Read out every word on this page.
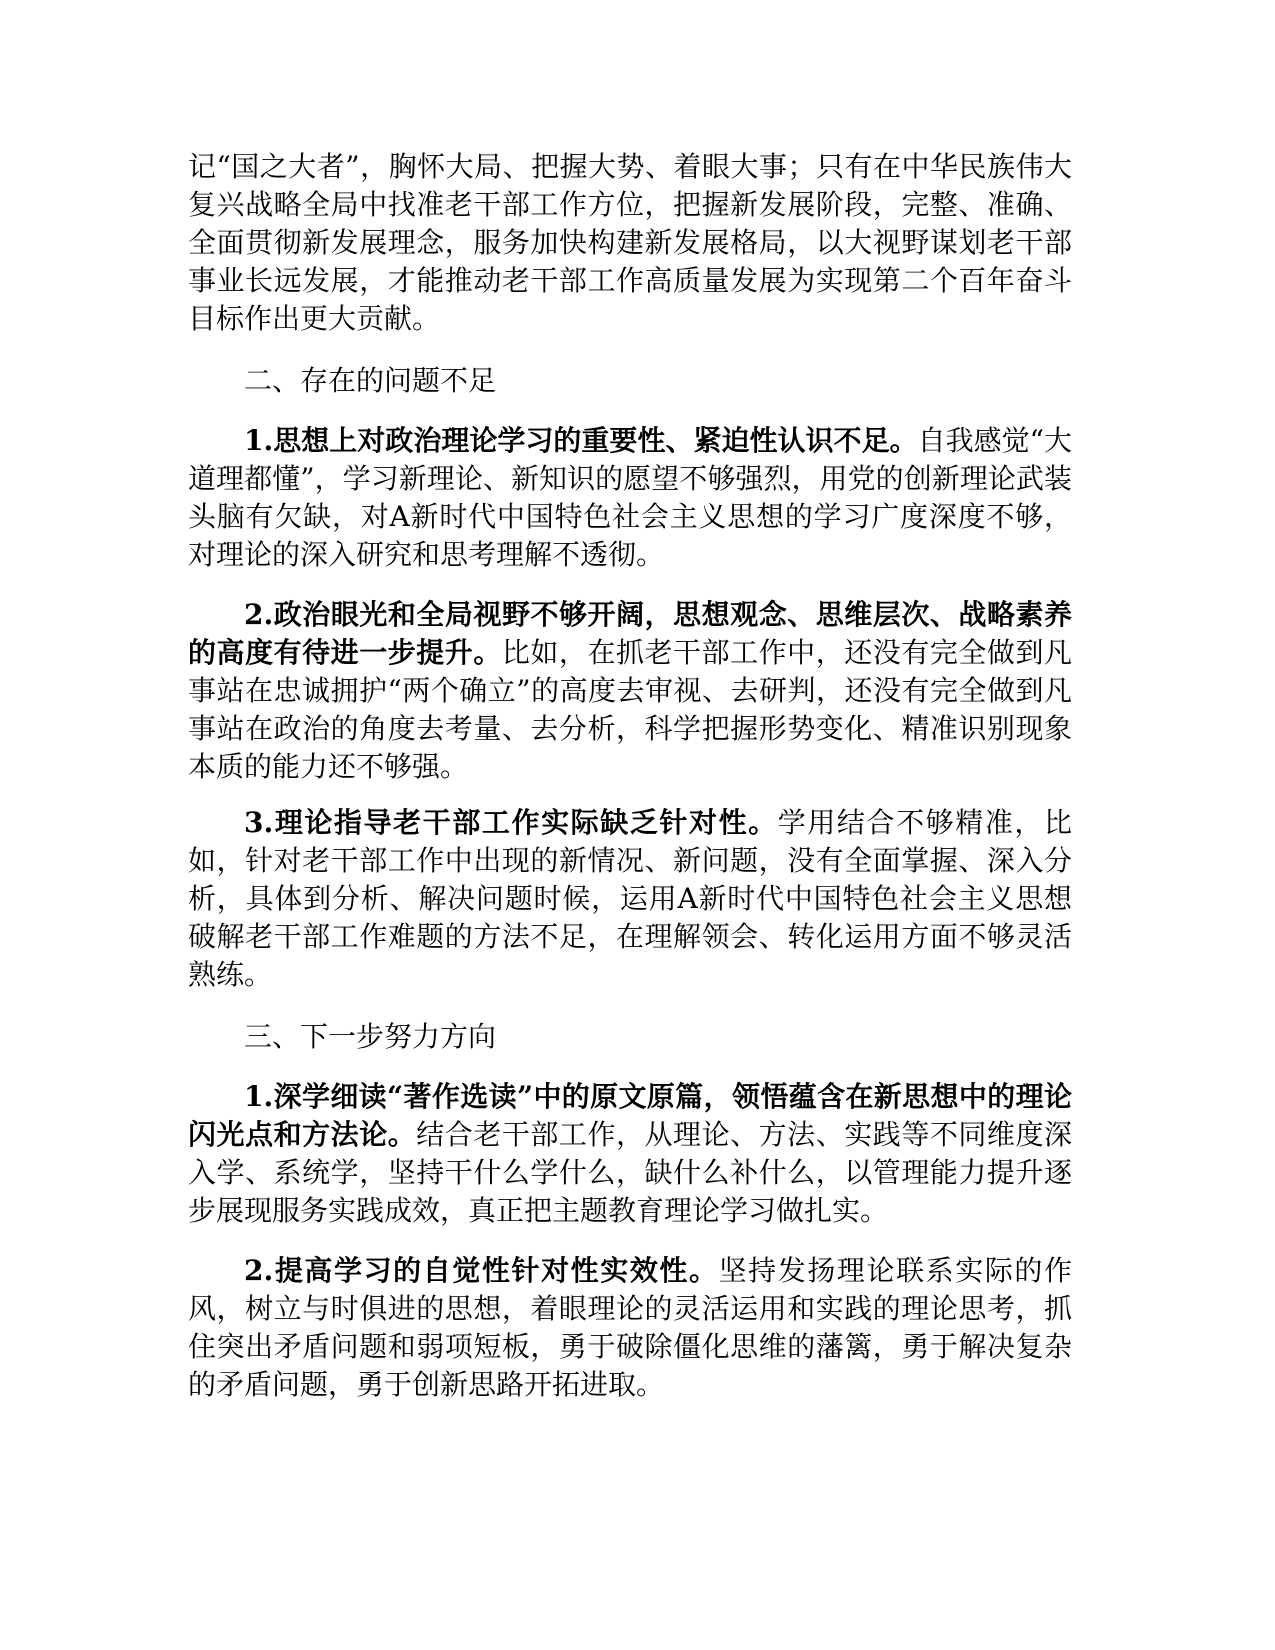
记“国之大者”，胸怀大局、把握大势、着眼大事；只有在中华民族伟大复兴战略全局中找准老干部工作方位，把握新发展阶段，完整、准确、全面贯彻新发展理念，服务加快构建新发展格局，以大视野谋划老干部事业长远发展，才能推动老干部工作高质量发展为实现第二个百年奋斗目标作出更大贡献。

二、存在的问题不足

1.思想上对政治理论学习的重要性、紧迫性认识不足。自我感觉“大道理都懂”，学习新理论、新知识的愿望不够强烈，用党的创新理论武装头脑有欠缺，对A新时代中国特色社会主义思想的学习广度深度不够，对理论的深入研究和思考理解不透彻。

2.政治眼光和全局视野不够开阔，思想观念、思维层次、战略素养的高度有待进一步提升。比如，在抓老干部工作中，还没有完全做到凡事站在忠诚拥护“两个确立”的高度去审视、去研判，还没有完全做到凡事站在政治的角度去考量、去分析，科学把握形势变化、精准识别现象本质的能力还不够强。

3.理论指导老干部工作实际缺乏针对性。学用结合不够精准，比如，针对老干部工作中出现的新情况、新问题，没有全面掌握、深入分析，具体到分析、解决问题时候，运用A新时代中国特色社会主义思想破解老干部工作难题的方法不足，在理解领会、转化运用方面不够灵活熟练。

三、下一步努力方向

1.深学细读“著作选读”中的原文原篇，领悟蕴含在新思想中的理论闪光点和方法论。结合老干部工作，从理论、方法、实践等不同维度深入学、系统学，坚持干什么学什么，缺什么补什么，以管理能力提升逐步展现服务实践成效，真正把主题教育理论学习做扎实。

2.提高学习的自觉性针对性实效性。坚持发扬理论联系实际的作风，树立与时俱进的思想，着眼理论的灵活运用和实践的理论思考，抓住突出矛盾问题和弱项短板，勇于破除僵化思维的藩篱，勇于解决复杂的矛盾问题，勇于创新思路开拓进取。
